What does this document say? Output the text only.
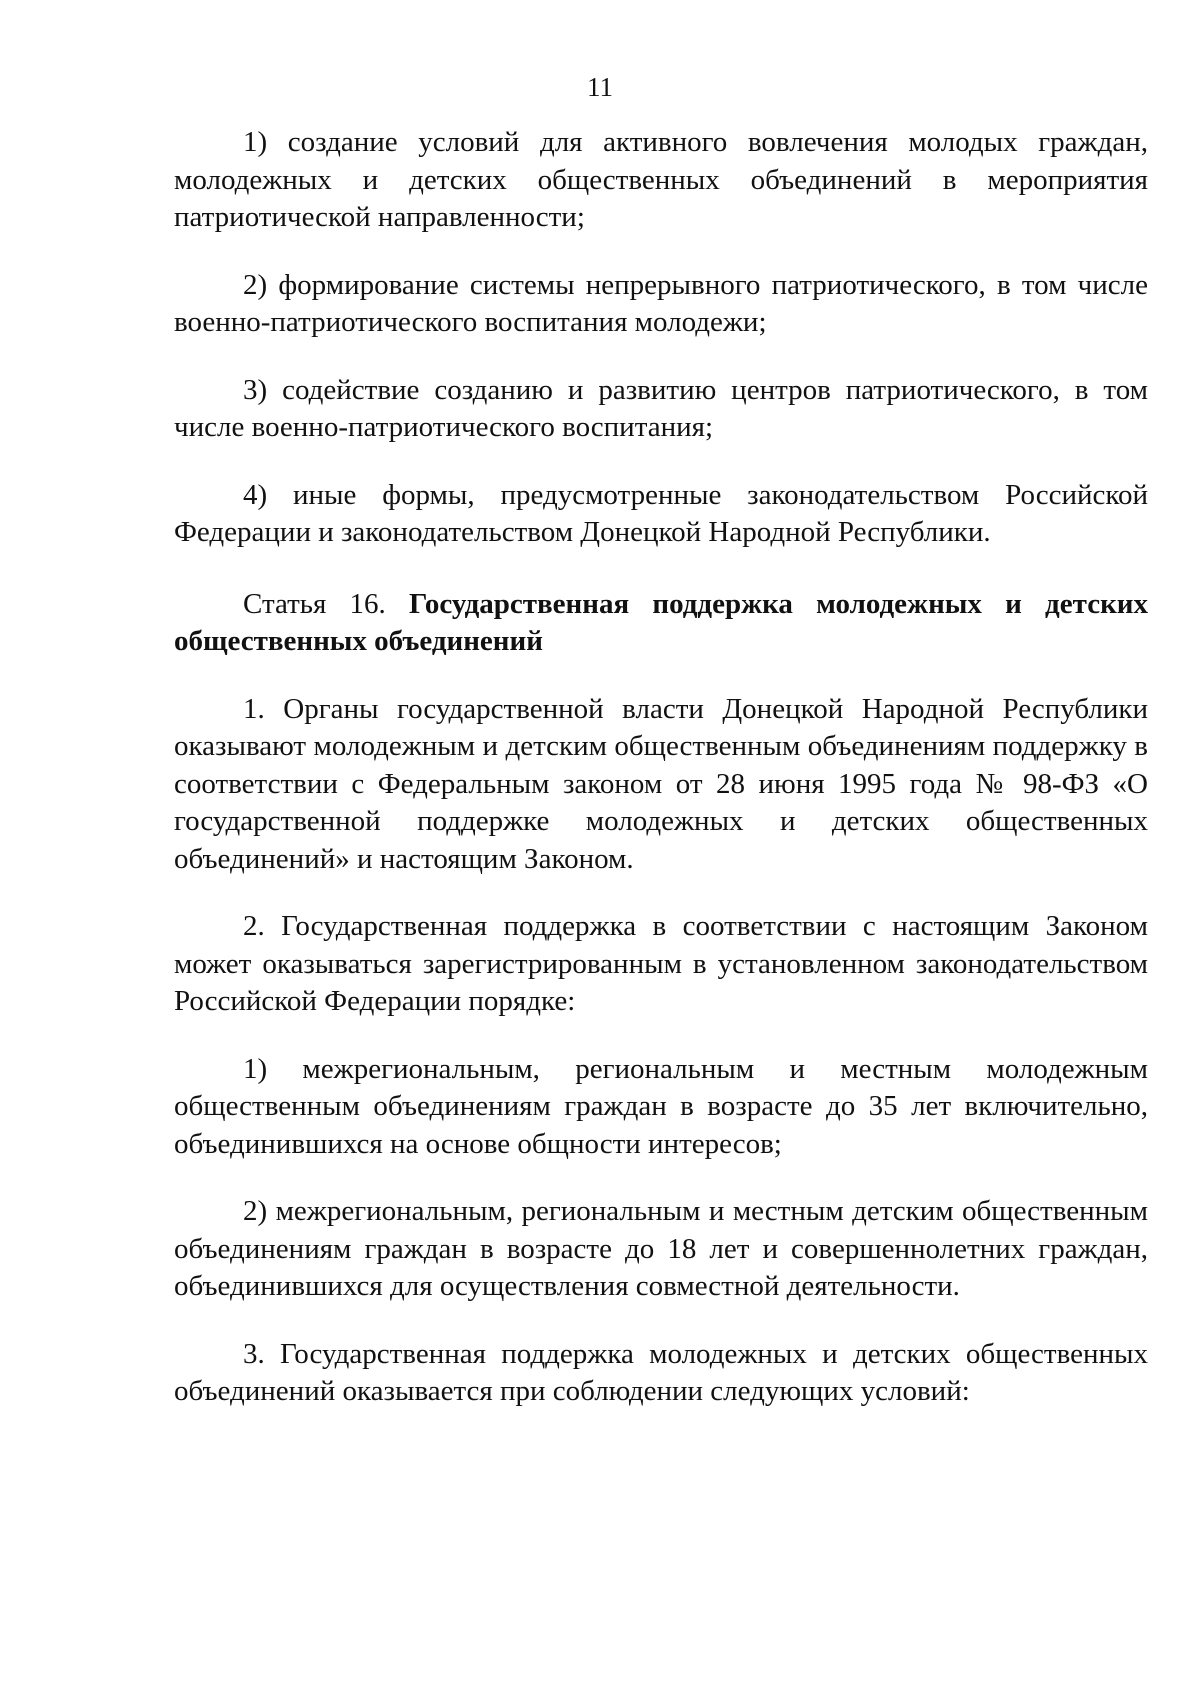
11

1) создание условий для активного вовлечения молодых граждан, молодежных и детских общественных объединений в мероприятия патриотической направленности;

2) формирование системы непрерывного патриотического, в том числе военно-патриотического воспитания молодежи;

3) содействие созданию и развитию центров патриотического, в том числе военно-патриотического воспитания;

4) иные формы, предусмотренные законодательством Российской Федерации и законодательством Донецкой Народной Республики.

Статья 16. Государственная поддержка молодежных и детских общественных объединений

1. Органы государственной власти Донецкой Народной Республики оказывают молодежным и детским общественным объединениям поддержку в соответствии с Федеральным законом от 28 июня 1995 года № 98-ФЗ «О государственной поддержке молодежных и детских общественных объединений» и настоящим Законом.

2. Государственная поддержка в соответствии с настоящим Законом может оказываться зарегистрированным в установленном законодательством Российской Федерации порядке:

1) межрегиональным, региональным и местным молодежным общественным объединениям граждан в возрасте до 35 лет включительно, объединившихся на основе общности интересов;

2) межрегиональным, региональным и местным детским общественным объединениям граждан в возрасте до 18 лет и совершеннолетних граждан, объединившихся для осуществления совместной деятельности.

3. Государственная поддержка молодежных и детских общественных объединений оказывается при соблюдении следующих условий:
